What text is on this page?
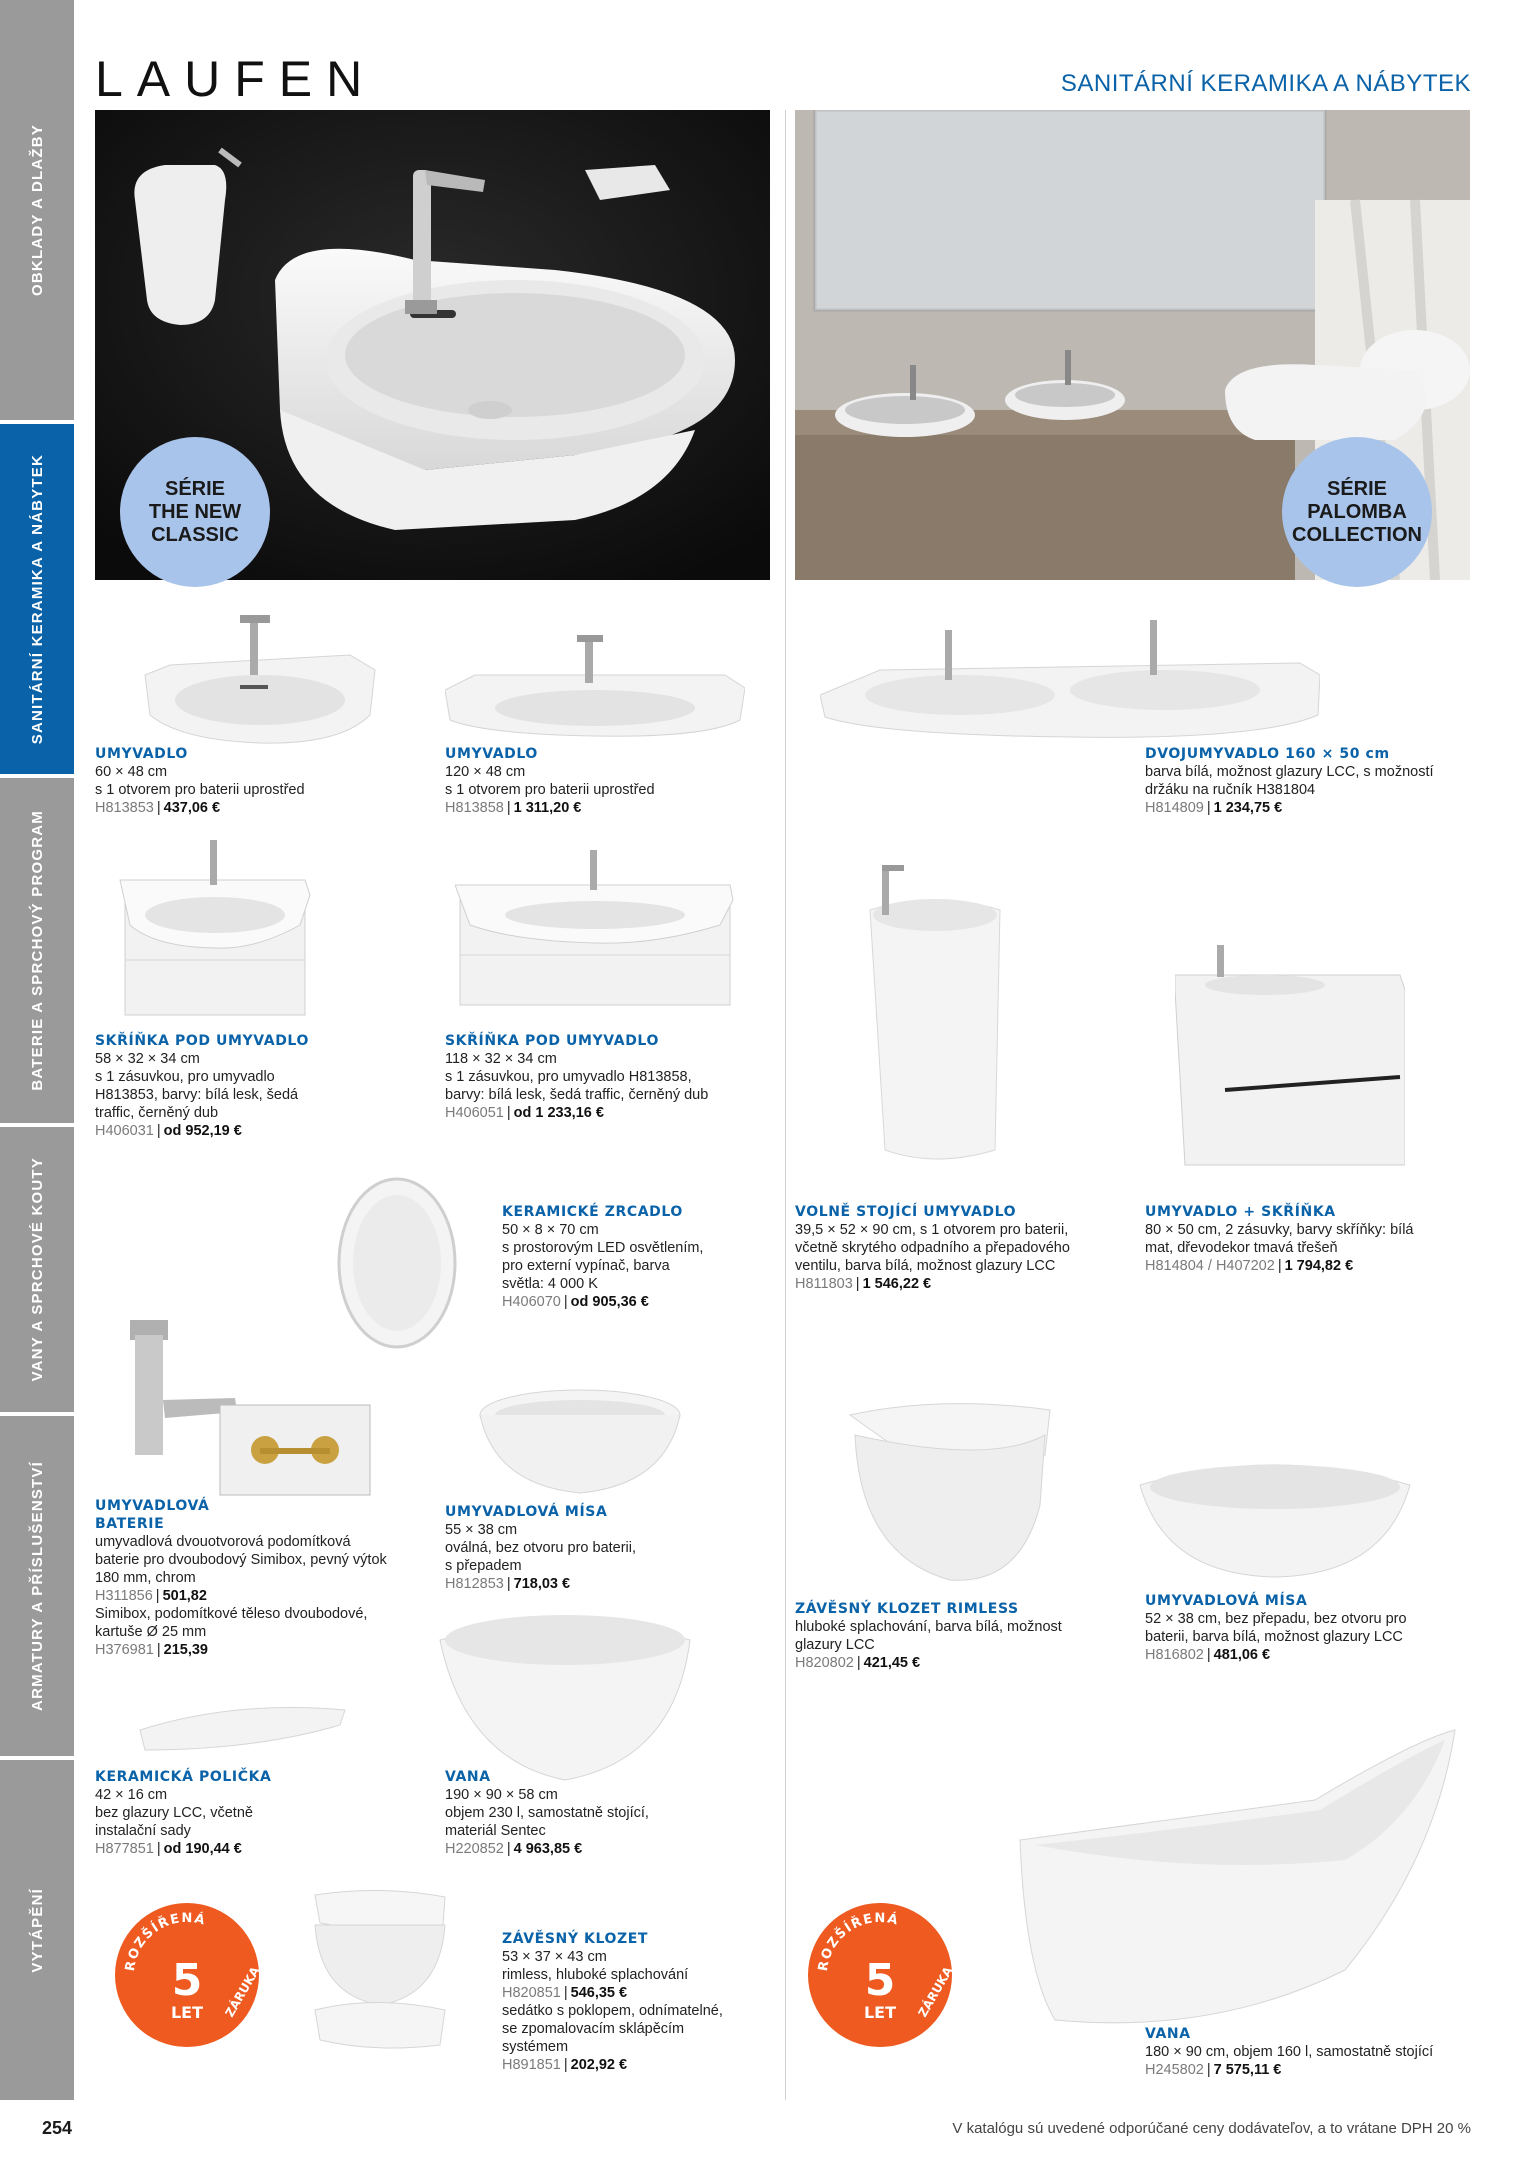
OBKLADY A DLAŽBY
SANITÁRNÍ KERAMIKA A NÁBYTEK
BATERIE A SPRCHOVÝ PROGRAM
VANY A SPRCHOVÉ KOUTY
ARMATURY A PŘÍSLUŠENSTVÍ
VYTÁPĚNÍ
LAUFEN	SANITÁRNÍ KERAMIKA A NÁBYTEK
SÉRIE
THE NEW
CLASSIC
SÉRIE
PALOMBA
COLLECTION
ROZŠÍŘENÁ
5
LET ZÁRUKA	ROZŠÍŘENÁ
5
LET ZÁRUKA
UMYVADLO
60 × 48 cm
s 1 otvorem pro baterii uprostřed
H813853 | 437,06 €
UMYVADLO
120 × 48 cm
s 1 otvorem pro baterii uprostřed
H813858 | 1 311,20 €
DVOJUMYVADLO 160 × 50 cm
barva bílá, možnost glazury LCC, s možností
držáku na ručník H381804
H814809 | 1 234,75 €
SKŘÍŇKA POD UMYVADLO
58 × 32 × 34 cm
s 1 zásuvkou, pro umyvadlo
H813853, barvy: bílá lesk, šedá
traffic, černěný dub
H406031 | od 952,19 €
SKŘÍŇKA POD UMYVADLO
118 × 32 × 34 cm
s 1 zásuvkou, pro umyvadlo H813858,
barvy: bílá lesk, šedá traffic, černěný dub
H406051 | od 1 233,16 €
KERAMICKÉ ZRCADLO
50 × 8 × 70 cm
s prostorovým LED osvětlením,
pro externí vypínač, barva
světla: 4 000 K
H406070 | od 905,36 €
VOLNĚ STOJÍCÍ UMYVADLO
39,5 × 52 × 90 cm, s 1 otvorem pro baterii,
včetně skrytého odpadního a přepadového
ventilu, barva bílá, možnost glazury LCC
H811803 | 1 546,22 €
UMYVADLO + SKŘÍŇKA
80 × 50 cm, 2 zásuvky, barvy skříňky: bílá
mat, dřevodekor tmavá třešeň
H814804 / H407202 | 1 794,82 €
UMYVADLOVÁ
BATERIE
umyvadlová dvouotvorová podomítková
baterie pro dvoubodový Simibox, pevný výtok
180 mm, chrom
H311856 | 501,82
Simibox, podomítkové těleso dvoubodové,
kartuše Ø 25 mm
H376981 | 215,39
UMYVADLOVÁ MÍSA
55 × 38 cm
oválná, bez otvoru pro baterii,
s přepadem
H812853 | 718,03 €
ZÁVĚSNÝ KLOZET RIMLESS
hluboké splachování, barva bílá, možnost
glazury LCC
H820802 | 421,45 €
UMYVADLOVÁ MÍSA
52 × 38 cm, bez přepadu, bez otvoru pro
baterii, barva bílá, možnost glazury LCC
H816802 | 481,06 €
KERAMICKÁ POLIČKA
42 × 16 cm
bez glazury LCC, včetně
instalační sady
H877851 | od 190,44 €
VANA
190 × 90 × 58 cm
objem 230 l, samostatně stojící,
materiál Sentec
H220852 | 4 963,85 €
ZÁVĚSNÝ KLOZET
53 × 37 × 43 cm
rimless, hluboké splachování
H820851 | 546,35 €
sedátko s poklopem, odnímatelné,
se zpomalovacím sklápěcím
systémem
H891851 | 202,92 €
VANA
180 × 90 cm, objem 160 l, samostatně stojící
H245802 | 7 575,11 €
254	V katalógu sú uvedené odporúčané ceny dodávateľov, a to vrátane DPH 20 %
